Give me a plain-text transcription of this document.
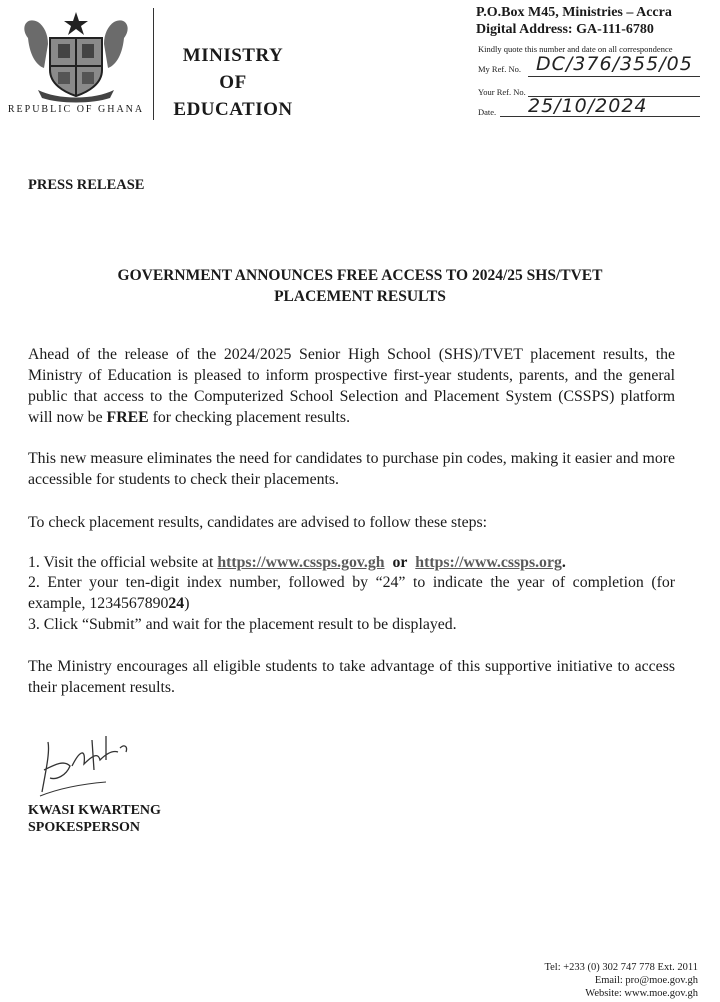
REPUBLIC OF GHANA
MINISTRY
OF
EDUCATION
P.O.Box M45, Ministries – Accra
Digital Address: GA-111-6780
Kindly quote this number and date on all correspondence
My Ref. No. DC/376/355/05
Your Ref. No.
Date. 25/10/2024
PRESS RELEASE
GOVERNMENT ANNOUNCES FREE ACCESS TO 2024/25 SHS/TVET
PLACEMENT RESULTS
Ahead of the release of the 2024/2025 Senior High School (SHS)/TVET placement results, the Ministry of Education is pleased to inform prospective first-year students, parents, and the general public that access to the Computerized School Selection and Placement System (CSSPS) platform will now be FREE for checking placement results.
This new measure eliminates the need for candidates to purchase pin codes, making it easier and more accessible for students to check their placements.
To check placement results, candidates are advised to follow these steps:
1. Visit the official website at https://www.cssps.gov.gh or https://www.cssps.org.
2. Enter your ten-digit index number, followed by “24” to indicate the year of completion (for example, 123456789024)
3. Click “Submit” and wait for the placement result to be displayed.
The Ministry encourages all eligible students to take advantage of this supportive initiative to access their placement results.
KWASI KWARTENG
SPOKESPERSON
Tel: +233 (0) 302 747 778 Ext. 2011
Email: pro@moe.gov.gh
Website: www.moe.gov.gh
